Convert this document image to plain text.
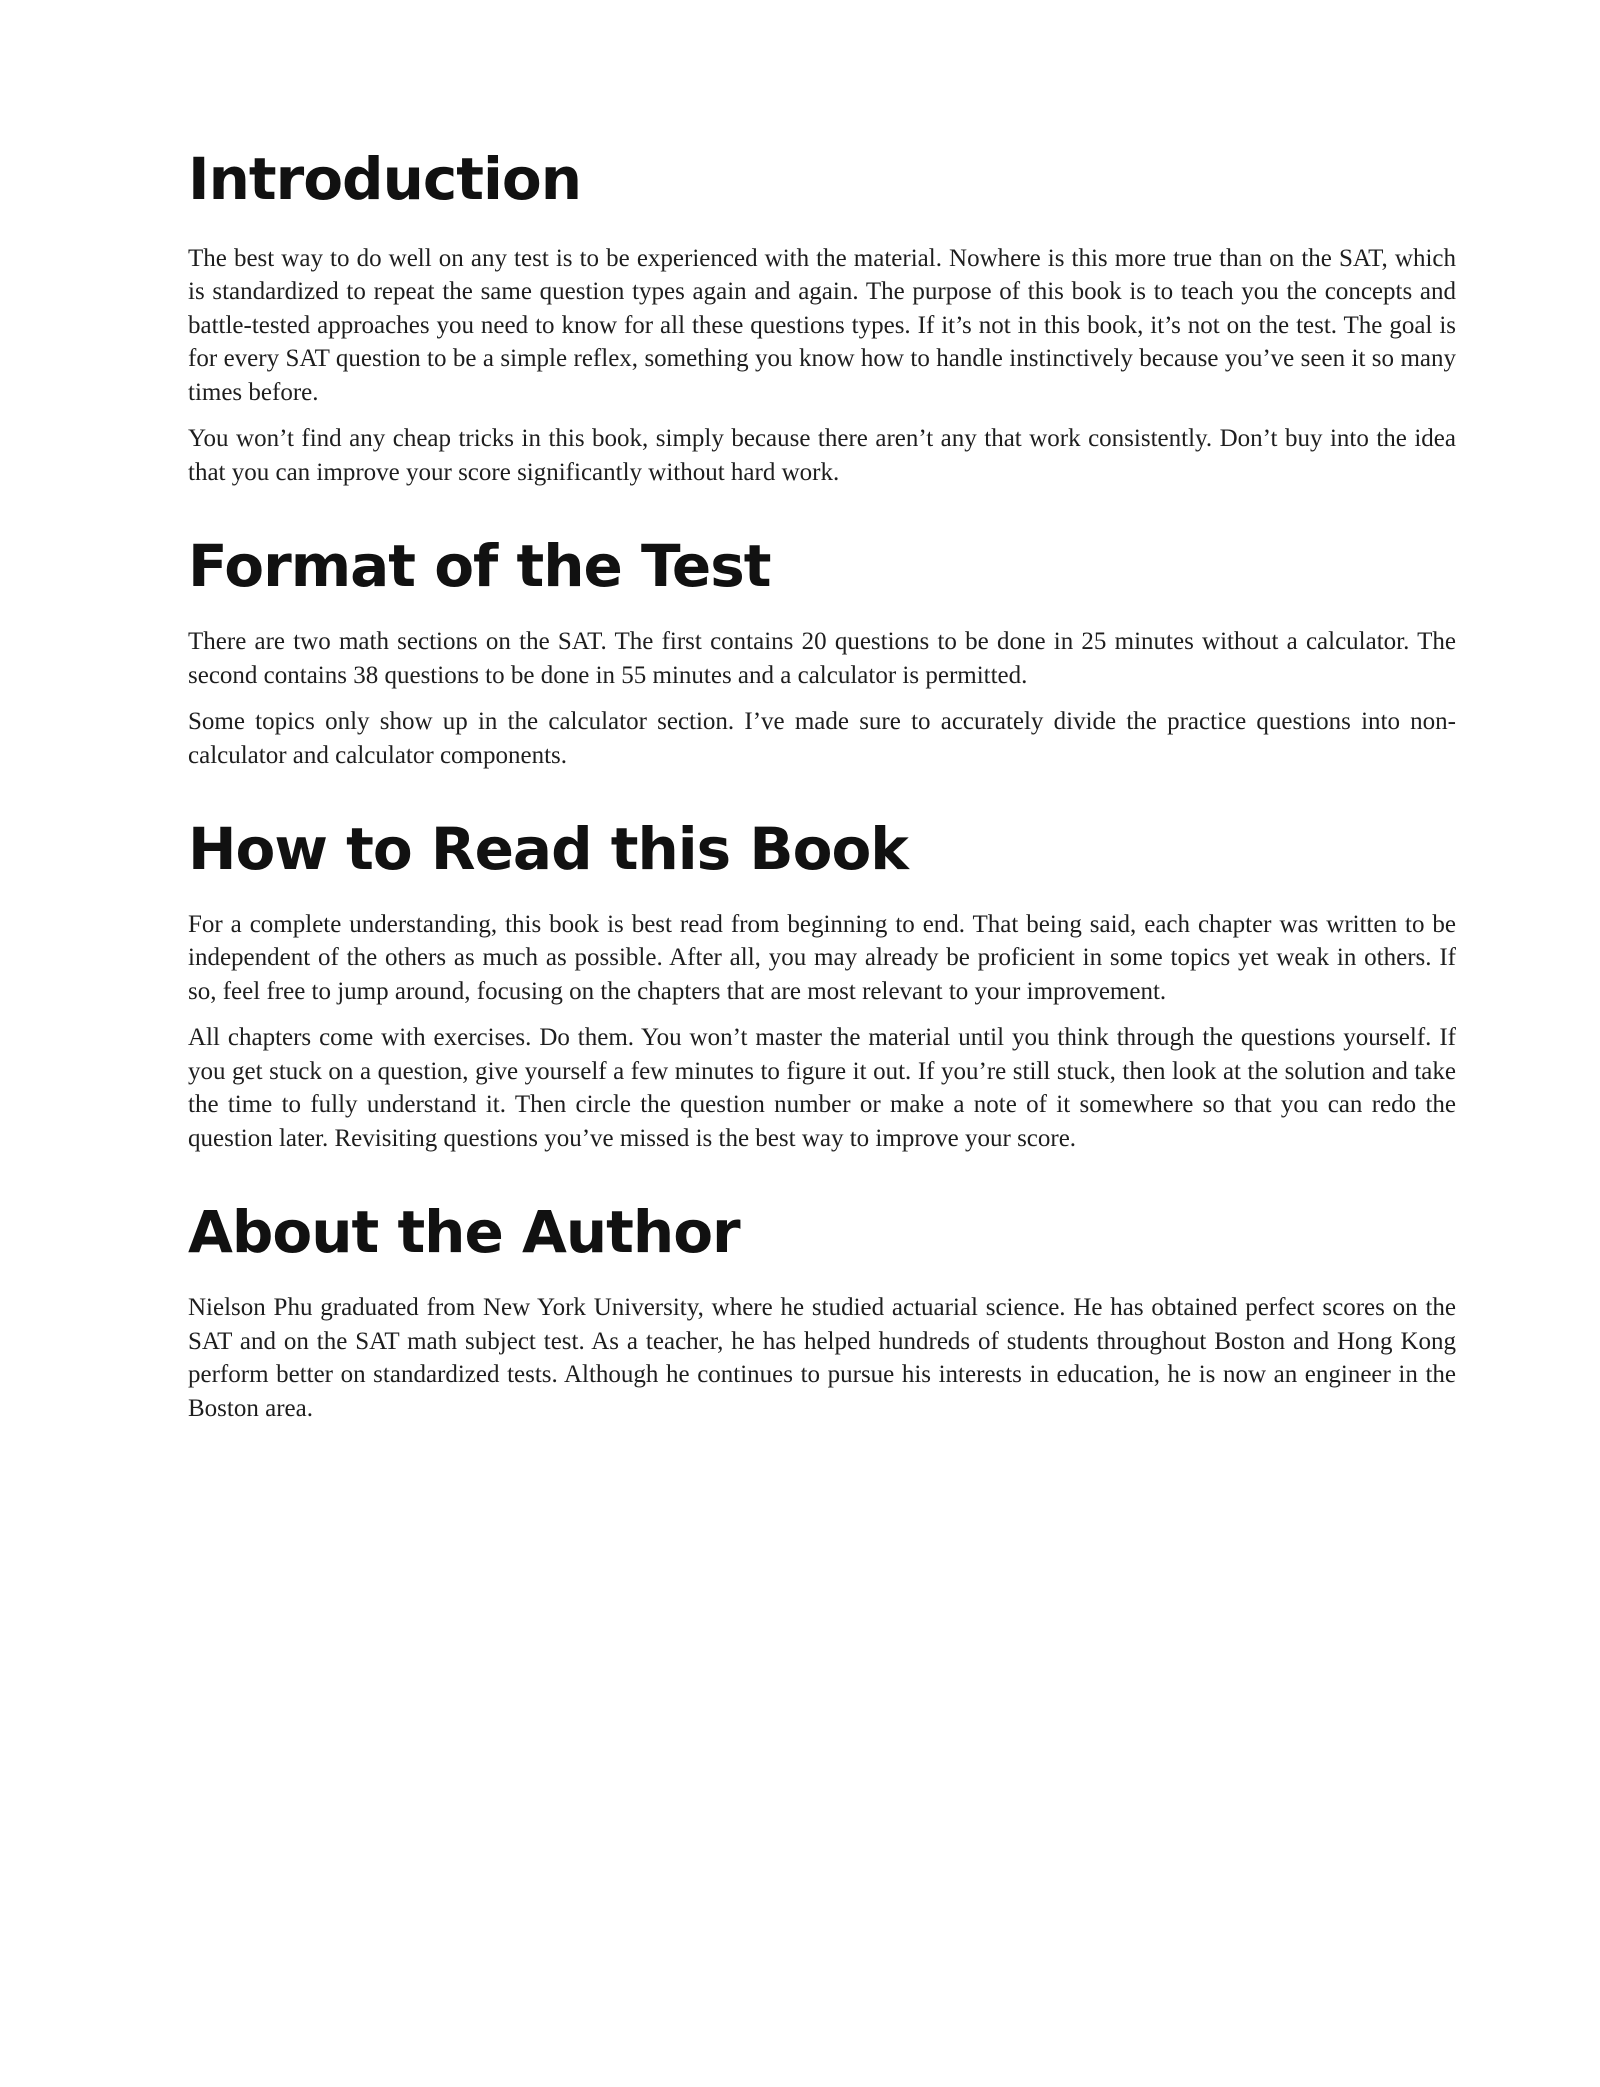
Introduction

The best way to do well on any test is to be experienced with the material. Nowhere is this more true than on the SAT, which is standardized to repeat the same question types again and again. The purpose of this book is to teach you the concepts and battle-tested approaches you need to know for all these questions types. If it’s not in this book, it’s not on the test. The goal is for every SAT question to be a simple reflex, something you know how to handle instinctively because you’ve seen it so many times before.

You won’t find any cheap tricks in this book, simply because there aren’t any that work consistently. Don’t buy into the idea that you can improve your score significantly without hard work.

Format of the Test

There are two math sections on the SAT. The first contains 20 questions to be done in 25 minutes without a calculator. The second contains 38 questions to be done in 55 minutes and a calculator is permitted.

Some topics only show up in the calculator section. I’ve made sure to accurately divide the practice questions into non-calculator and calculator components.

How to Read this Book

For a complete understanding, this book is best read from beginning to end. That being said, each chapter was written to be independent of the others as much as possible. After all, you may already be proficient in some topics yet weak in others. If so, feel free to jump around, focusing on the chapters that are most relevant to your improvement.

All chapters come with exercises. Do them. You won’t master the material until you think through the questions yourself. If you get stuck on a question, give yourself a few minutes to figure it out. If you’re still stuck, then look at the solution and take the time to fully understand it. Then circle the question number or make a note of it somewhere so that you can redo the question later. Revisiting questions you’ve missed is the best way to improve your score.

About the Author

Nielson Phu graduated from New York University, where he studied actuarial science. He has obtained perfect scores on the SAT and on the SAT math subject test. As a teacher, he has helped hundreds of students throughout Boston and Hong Kong perform better on standardized tests. Although he continues to pursue his interests in education, he is now an engineer in the Boston area.
